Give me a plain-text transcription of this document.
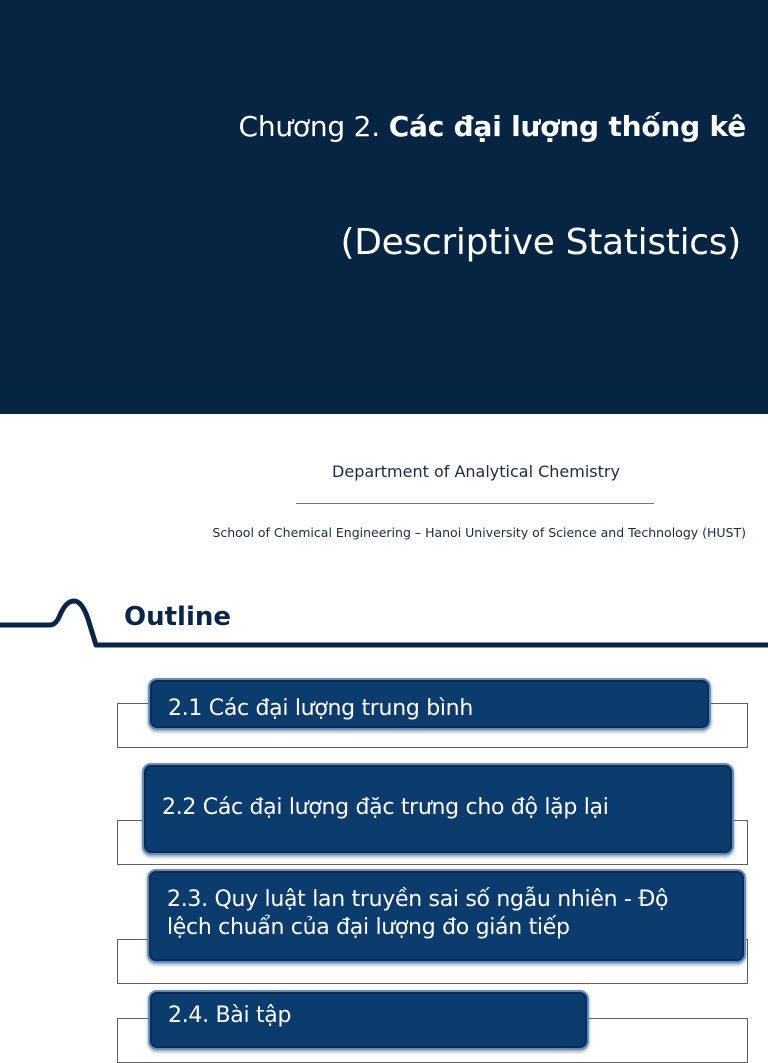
Chương 2. Các đại lượng thống kê
(Descriptive Statistics)
Department of Analytical Chemistry
School of Chemical Engineering – Hanoi University of Science and Technology (HUST)
Outline
2.1 Các đại lượng trung bình
2.2 Các đại lượng đặc trưng cho độ lặp lại
2.3. Quy luật lan truyền sai số ngẫu nhiên - Độ
lệch chuẩn của đại lượng đo gián tiếp
2.4. Bài tập
